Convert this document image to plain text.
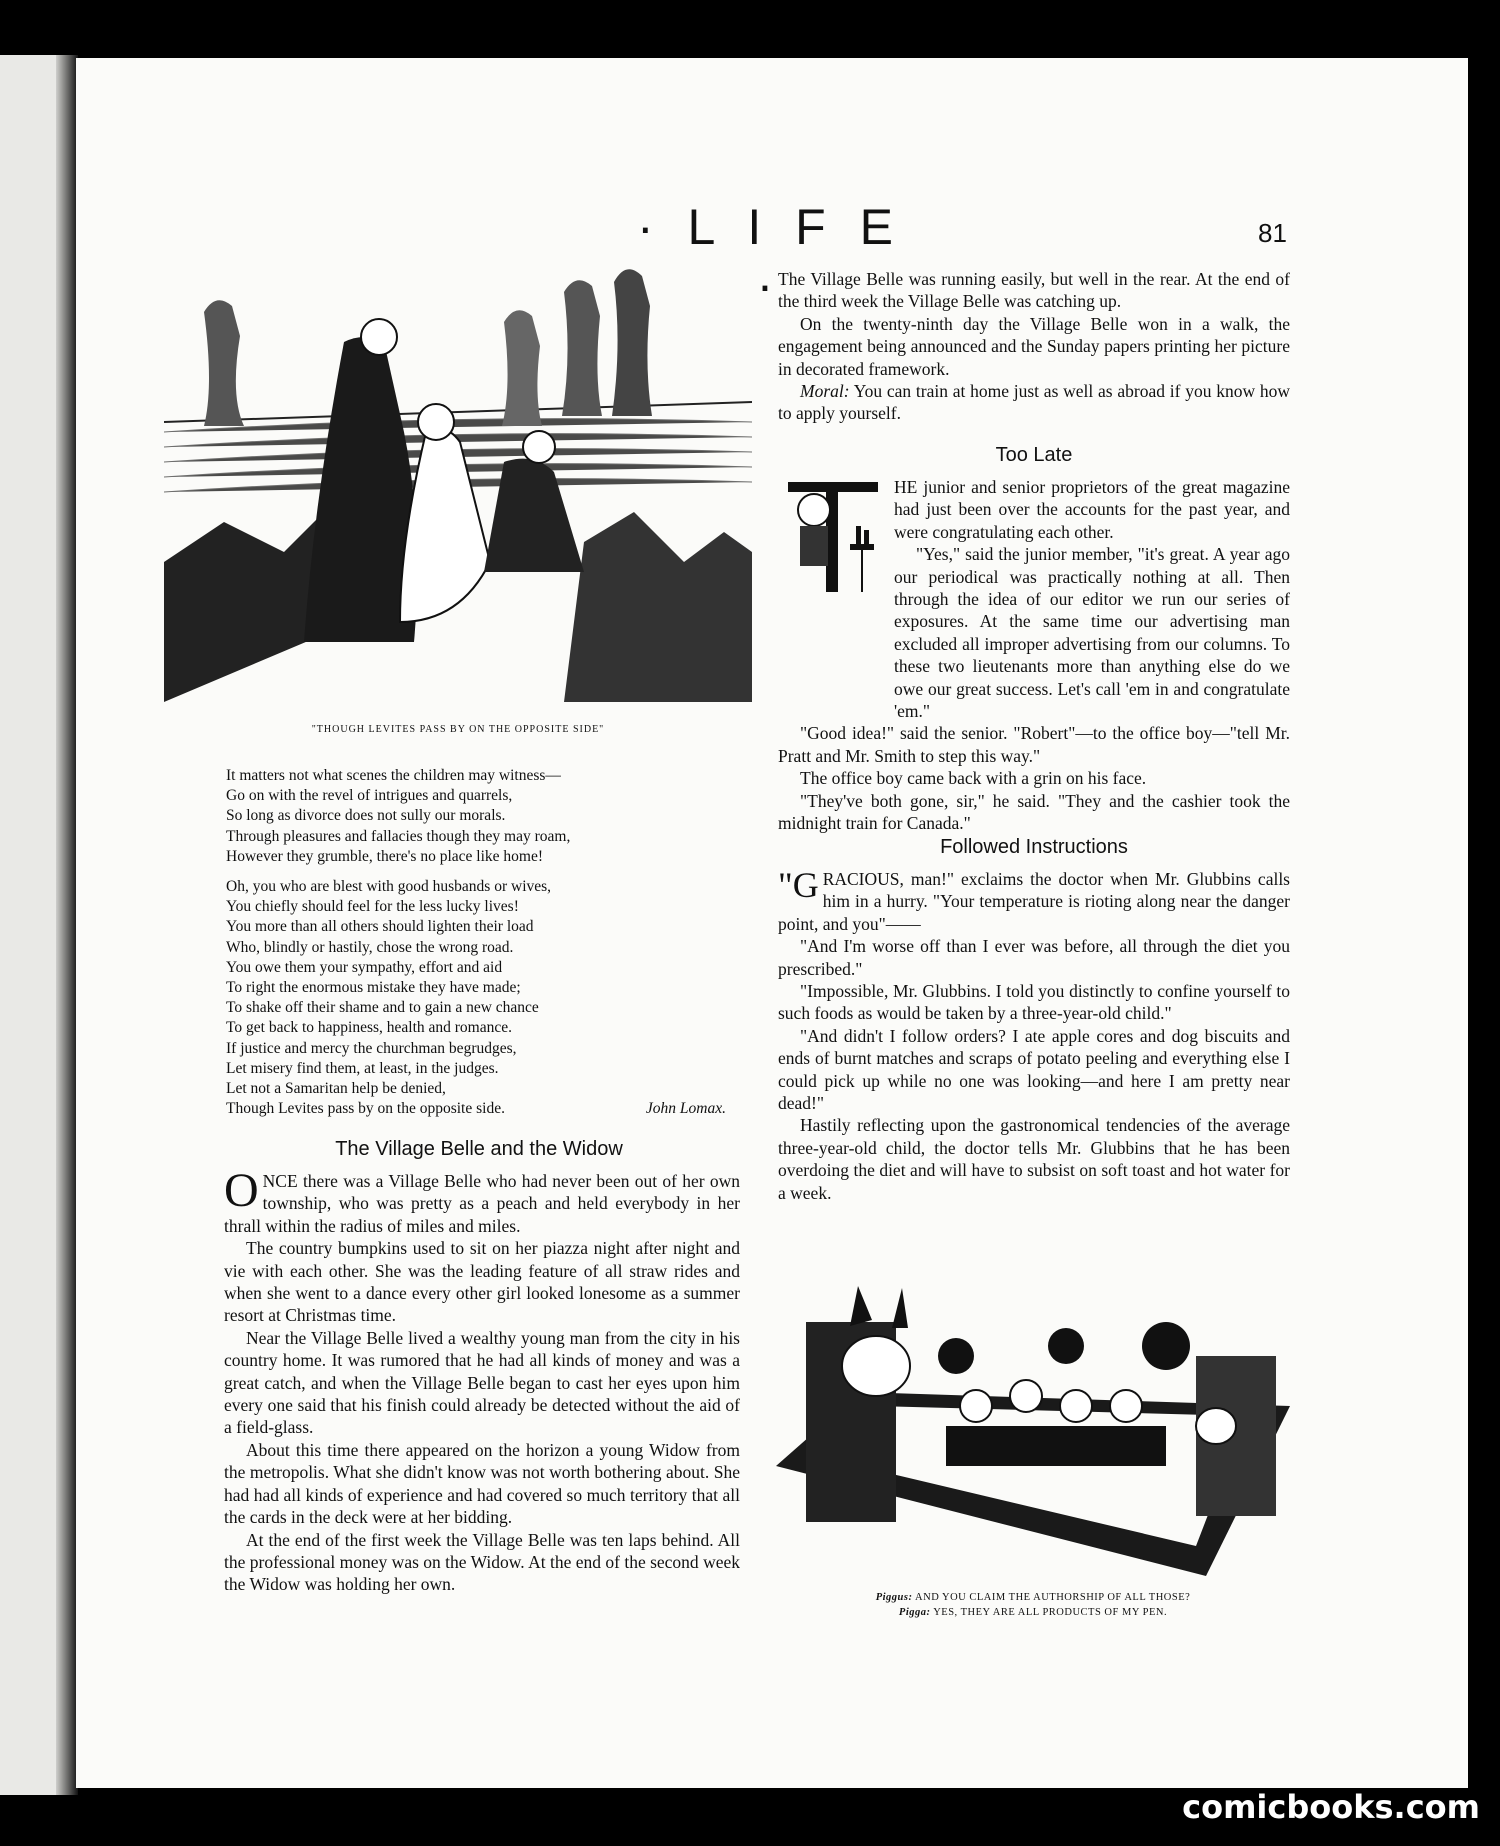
· L I F E ·
81
"THOUGH LEVITES PASS BY ON THE OPPOSITE SIDE"
It matters not what scenes the children may witness—
Go on with the revel of intrigues and quarrels,
So long as divorce does not sully our morals.
Through pleasures and fallacies though they may roam,
However they grumble, there's no place like home!
Oh, you who are blest with good husbands or wives,
You chiefly should feel for the less lucky lives!
You more than all others should lighten their load
Who, blindly or hastily, chose the wrong road.
You owe them your sympathy, effort and aid
To right the enormous mistake they have made;
To shake off their shame and to gain a new chance
To get back to happiness, health and romance.
If justice and mercy the churchman begrudges,
Let misery find them, at least, in the judges.
Let not a Samaritan help be denied,
Though Levites pass by on the opposite side.	John Lomax.
The Village Belle and the Widow

ONCE there was a Village Belle who had never been out of her own township, who was pretty as a peach and held everybody in her thrall within the radius of miles and miles.

The country bumpkins used to sit on her piazza night after night and vie with each other. She was the leading feature of all straw rides and when she went to a dance every other girl looked lonesome as a summer resort at Christmas time.

Near the Village Belle lived a wealthy young man from the city in his country home. It was rumored that he had all kinds of money and was a great catch, and when the Village Belle began to cast her eyes upon him every one said that his finish could already be detected without the aid of a field-glass.

About this time there appeared on the horizon a young Widow from the metropolis. What she didn't know was not worth bothering about. She had had all kinds of experience and had covered so much territory that all the cards in the deck were at her bidding.

At the end of the first week the Village Belle was ten laps behind. All the professional money was on the Widow. At the end of the second week the Widow was holding her own.

The Village Belle was running easily, but well in the rear. At the end of the third week the Village Belle was catching up.

On the twenty-ninth day the Village Belle won in a walk, the engagement being announced and the Sunday papers printing her picture in decorated framework.

Moral: You can train at home just as well as abroad if you know how to apply yourself.

Too Late

HE junior and senior proprietors of the great magazine had just been over the accounts for the past year, and were congratulating each other.

"Yes," said the junior member, "it's great. A year ago our periodical was practically nothing at all. Then through the idea of our editor we run our series of exposures. At the same time our advertising man excluded all improper advertising from our columns. To these two lieutenants more than anything else do we owe our great success. Let's call 'em in and congratulate 'em."

"Good idea!" said the senior. "Robert"—to the office boy—"tell Mr. Pratt and Mr. Smith to step this way."

The office boy came back with a grin on his face.

"They've both gone, sir," he said. "They and the cashier took the midnight train for Canada."

Followed Instructions

"GRACIOUS, man!" exclaims the doctor when Mr. Glubbins calls him in a hurry. "Your temperature is rioting along near the danger point, and you"——

"And I'm worse off than I ever was before, all through the diet you prescribed."

"Impossible, Mr. Glubbins. I told you distinctly to confine yourself to such foods as would be taken by a three-year-old child."

"And didn't I follow orders? I ate apple cores and dog biscuits and ends of burnt matches and scraps of potato peeling and everything else I could pick up while no one was looking—and here I am pretty near dead!"

Hastily reflecting upon the gastronomical tendencies of the average three-year-old child, the doctor tells Mr. Glubbins that he has been overdoing the diet and will have to subsist on soft toast and hot water for a week.

Piggus: AND YOU CLAIM THE AUTHORSHIP OF ALL THOSE?
Pigga: YES, THEY ARE ALL PRODUCTS OF MY PEN.
comicbooks.com
